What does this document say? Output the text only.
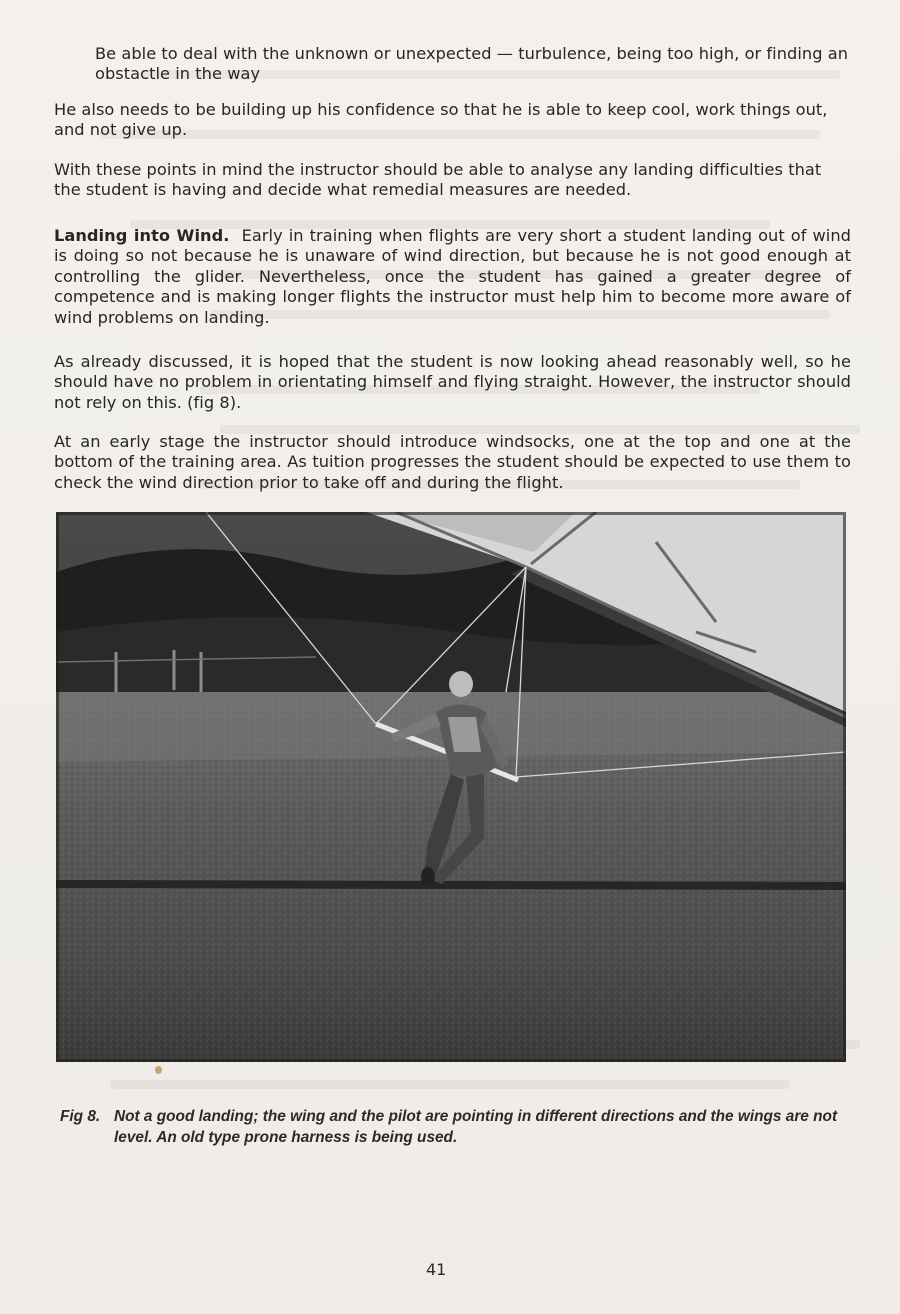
Be able to deal with the unknown or unexpected — turbulence, being too high, or finding an obstactle in the way

He also needs to be building up his confidence so that he is able to keep cool, work things out, and not give up.

With these points in mind the instructor should be able to analyse any landing difficulties that the student is having and decide what remedial measures are needed.

Landing into Wind. Early in training when flights are very short a student landing out of wind is doing so not because he is unaware of wind direction, but because he is not good enough at controlling the glider. Nevertheless, once the student has gained a greater degree of competence and is making longer flights the instructor must help him to become more aware of wind problems on landing.

As already discussed, it is hoped that the student is now looking ahead reasonably well, so he should have no problem in orientating himself and flying straight. However, the instructor should not rely on this. (fig 8).

At an early stage the instructor should introduce windsocks, one at the top and one at the bottom of the training area. As tuition progresses the student should be expected to use them to check the wind direction prior to take off and during the flight.

Fig 8. Not a good landing; the wing and the pilot are pointing in different directions and the wings are not level. An old type prone harness is being used.
41
